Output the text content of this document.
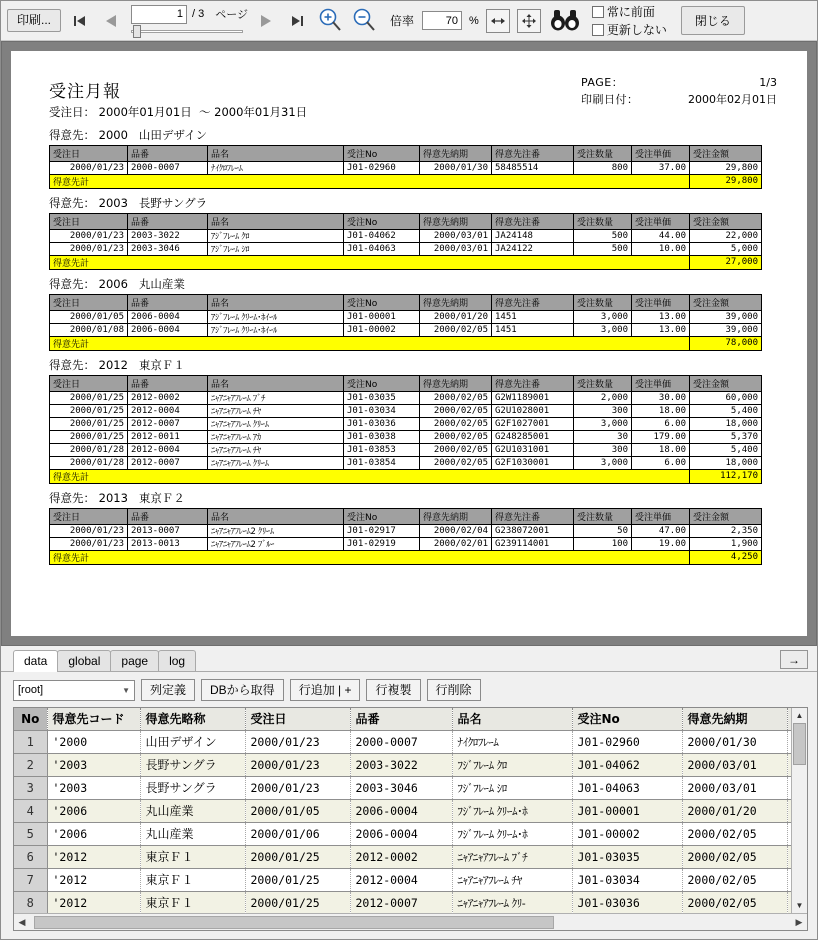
印刷...
1	/ 3 ページ	倍率
70	%
常に前面
更新しない
閉じる
PAGE：	1/3
印刷日付：	2000年02月01日
受注月報
受注日： 2000年01月01日  ～ 2000年01月31日
得意先： 2000   山田デザイン
受注日	品番	品名	受注No	得意先納期	得意先注番	受注数量	受注単価	受注金額
2000/01/23	2000-0007	ﾅｲｸﾛﾌﾚｰﾑ	J01-02960	2000/01/30	58485514	800	37.00	29,800
得意先計								29,800
得意先： 2003   長野サングラ
受注日	品番	品名	受注No	得意先納期	得意先注番	受注数量	受注単価	受注金額
2000/01/23	2003-3022	ｱｼﾞﾌﾚｰﾑ ｸﾛ	J01-04062	2000/03/01	JA24148	500	44.00	22,000
2000/01/23	2003-3046	ｱｼﾞﾌﾚｰﾑ ｼﾛ	J01-04063	2000/03/01	JA24122	500	10.00	5,000
得意先計								27,000
得意先： 2006   丸山産業
受注日	品番	品名	受注No	得意先納期	得意先注番	受注数量	受注単価	受注金額
2000/01/05	2006-0004	ｱｼﾞﾌﾚｰﾑ ｸﾘｰﾑ･ﾎｲｰﾙ	J01-00001	2000/01/20	1451	3,000	13.00	39,000
2000/01/08	2006-0004	ｱｼﾞﾌﾚｰﾑ ｸﾘｰﾑ･ﾎｲｰﾙ	J01-00002	2000/02/05	1451	3,000	13.00	39,000
得意先計								78,000
得意先： 2012   東京Ｆ１
受注日	品番	品名	受注No	得意先納期	得意先注番	受注数量	受注単価	受注金額
2000/01/25	2012-0002	ﾆｬｱﾆｬｱﾌﾚｰﾑ ﾌﾞﾁ	J01-03035	2000/02/05	G2W1189001	2,000	30.00	60,000
2000/01/25	2012-0004	ﾆｬｱﾆｬｱﾌﾚｰﾑ ﾁﾔ	J01-03034	2000/02/05	G2U1028001	300	18.00	5,400
2000/01/25	2012-0007	ﾆｬｱﾆｬｱﾌﾚｰﾑ ｸﾘｰﾑ	J01-03036	2000/02/05	G2F1027001	3,000	6.00	18,000
2000/01/25	2012-0011	ﾆｬｱﾆｬｱﾌﾚｰﾑ ｱｶ	J01-03038	2000/02/05	G248285001	30	179.00	5,370
2000/01/28	2012-0004	ﾆｬｱﾆｬｱﾌﾚｰﾑ ﾁﾔ	J01-03853	2000/02/05	G2U1031001	300	18.00	5,400
2000/01/28	2012-0007	ﾆｬｱﾆｬｱﾌﾚｰﾑ ｸﾘｰﾑ	J01-03854	2000/02/05	G2F1030001	3,000	6.00	18,000
得意先計								112,170
得意先： 2013   東京Ｆ２
受注日	品番	品名	受注No	得意先納期	得意先注番	受注数量	受注単価	受注金額
2000/01/23	2013-0007	ﾆｬｱﾆｬｱﾌﾚｰﾑ2 ｸﾘｰﾑ	J01-02917	2000/02/04	G238072001	50	47.00	2,350
2000/01/23	2013-0013	ﾆｬｱﾆｬｱﾌﾚｰﾑ2 ﾌﾞﾙｰ	J01-02919	2000/02/01	G239114001	100	19.00	1,900
得意先計								4,250
data	global	page	log	→
[root]	▼	列定義	DBから取得	行追加 | +	行複製	行削除
No	得意先コード	得意先略称	受注日	品番	品名	受注No	得意先納期	
1	'2000	山田デザイン	2000/01/23	2000-0007	ﾅｲｸﾛﾌﾚｰﾑ	J01-02960	2000/01/30	
2	'2003	長野サングラ	2000/01/23	2003-3022	ﾌｼﾞﾌﾚｰﾑ ｸﾛ	J01-04062	2000/03/01	
3	'2003	長野サングラ	2000/01/23	2003-3046	ﾌｼﾞﾌﾚｰﾑ ｼﾛ	J01-04063	2000/03/01	
4	'2006	丸山産業	2000/01/05	2006-0004	ﾌｼﾞﾌﾚｰﾑ ｸﾘｰﾑ･ﾎ	J01-00001	2000/01/20	
5	'2006	丸山産業	2000/01/06	2006-0004	ﾌｼﾞﾌﾚｰﾑ ｸﾘｰﾑ･ﾎ	J01-00002	2000/02/05	
6	'2012	東京Ｆ１	2000/01/25	2012-0002	ﾆｬｱﾆｬｱﾌﾚｰﾑ ﾌﾞﾁ	J01-03035	2000/02/05	
7	'2012	東京Ｆ１	2000/01/25	2012-0004	ﾆｬｱﾆｬｱﾌﾚｰﾑ ﾁﾔ	J01-03034	2000/02/05	
8	'2012	東京Ｆ１	2000/01/25	2012-0007	ﾆｬｱﾆｬｱﾌﾚｰﾑ ｸﾘ-	J01-03036	2000/02/05	
▲
▼
◀	▶
